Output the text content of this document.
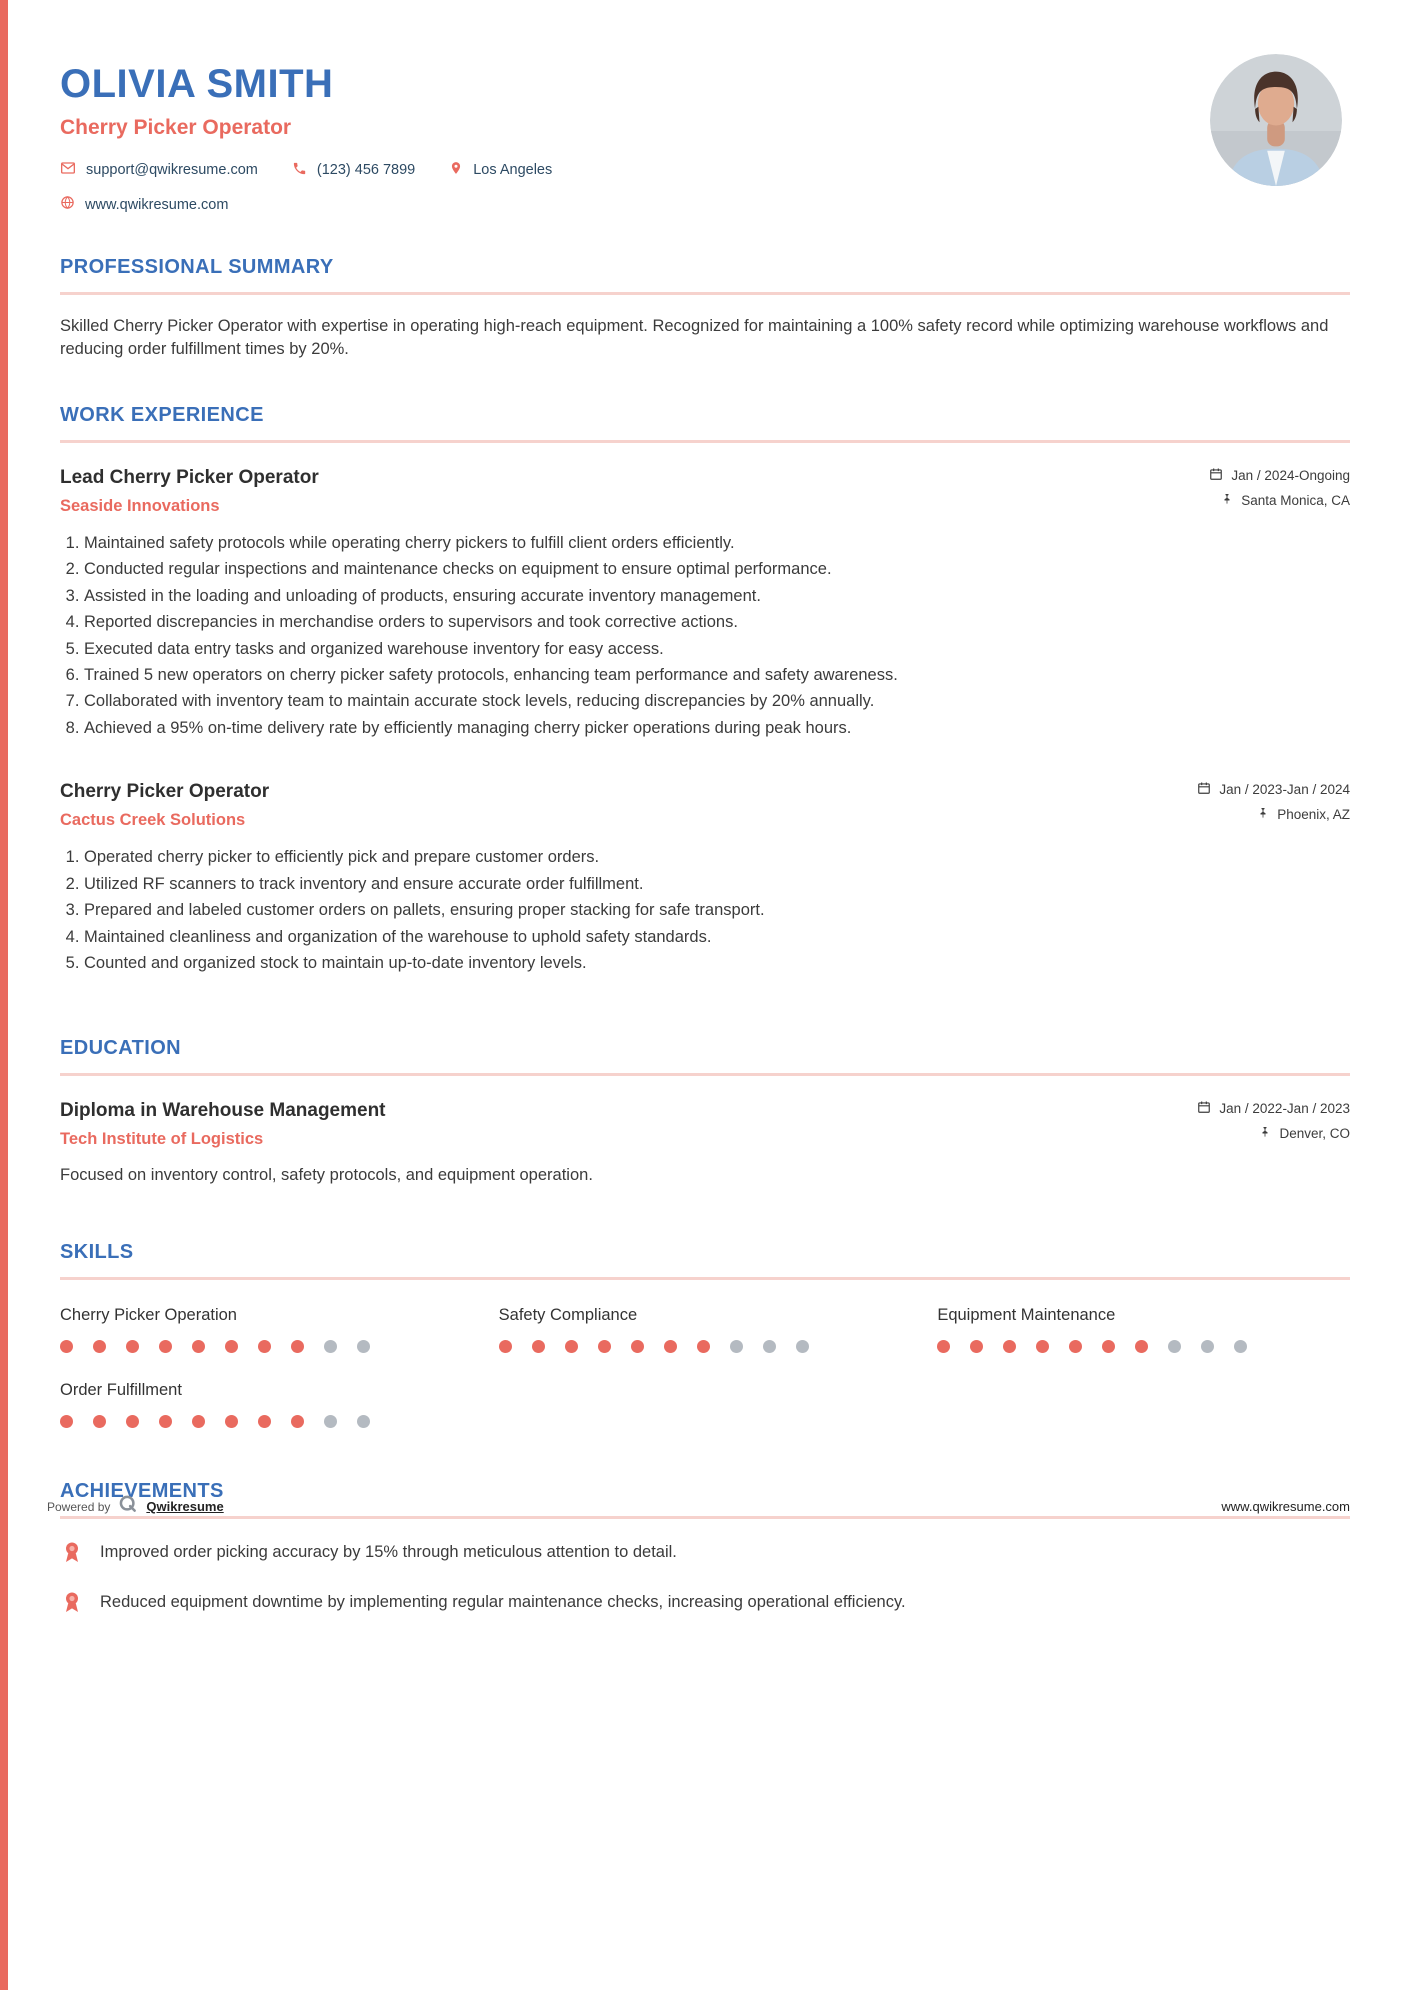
OLIVIA SMITH
Cherry Picker Operator
support@qwikresume.com	(123) 456 7899	Los Angeles
www.qwikresume.com
PROFESSIONAL SUMMARY

Skilled Cherry Picker Operator with expertise in operating high-reach equipment. Recognized for maintaining a 100% safety record while optimizing warehouse workflows and reducing order fulfillment times by 20%.

WORK EXPERIENCE
Lead Cherry Picker Operator
Seaside Innovations
Jan / 2024-Ongoing
Santa Monica, CA
1. Maintained safety protocols while operating cherry pickers to fulfill client orders efficiently.
2. Conducted regular inspections and maintenance checks on equipment to ensure optimal performance.
3. Assisted in the loading and unloading of products, ensuring accurate inventory management.
4. Reported discrepancies in merchandise orders to supervisors and took corrective actions.
5. Executed data entry tasks and organized warehouse inventory for easy access.
6. Trained 5 new operators on cherry picker safety protocols, enhancing team performance and safety awareness.
7. Collaborated with inventory team to maintain accurate stock levels, reducing discrepancies by 20% annually.
8. Achieved a 95% on-time delivery rate by efficiently managing cherry picker operations during peak hours.
Cherry Picker Operator
Cactus Creek Solutions
Jan / 2023-Jan / 2024
Phoenix, AZ
1. Operated cherry picker to efficiently pick and prepare customer orders.
2. Utilized RF scanners to track inventory and ensure accurate order fulfillment.
3. Prepared and labeled customer orders on pallets, ensuring proper stacking for safe transport.
4. Maintained cleanliness and organization of the warehouse to uphold safety standards.
5. Counted and organized stock to maintain up-to-date inventory levels.
EDUCATION
Diploma in Warehouse Management
Tech Institute of Logistics
Jan / 2022-Jan / 2023
Denver, CO

Focused on inventory control, safety protocols, and equipment operation.

SKILLS
Cherry Picker Operation	Safety Compliance	Equipment Maintenance
Order Fulfillment
ACHIEVEMENTS
Improved order picking accuracy by 15% through meticulous attention to detail.
Reduced equipment downtime by implementing regular maintenance checks, increasing operational efficiency.
Powered by	Qwikresume	www.qwikresume.com
